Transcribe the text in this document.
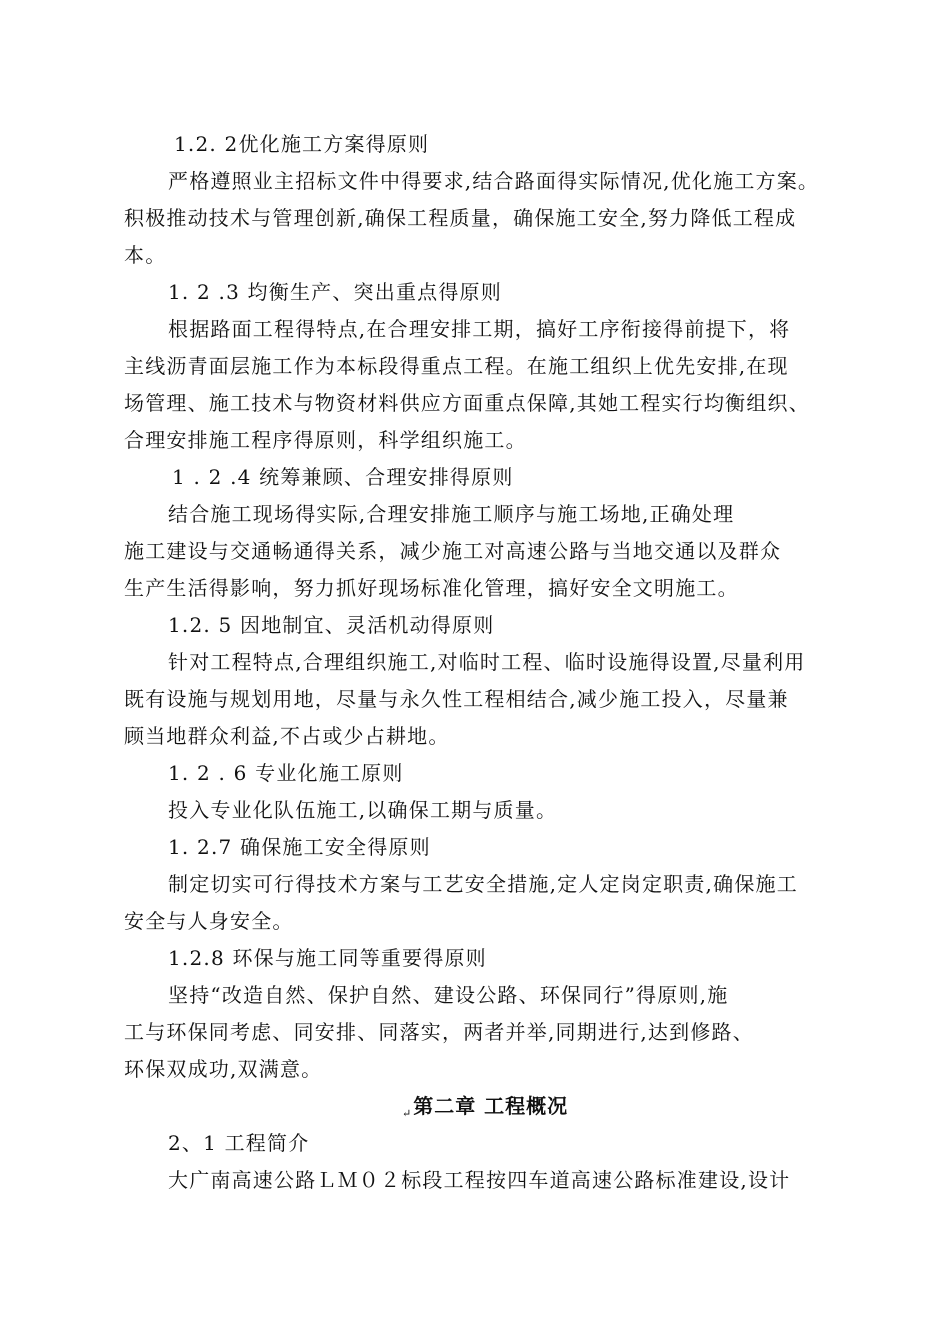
1.2. 2优化施工方案得原则
严格遵照业主招标文件中得要求,结合路面得实际情况,优化施工方案。
积极推动技术与管理创新,确保工程质量，确保施工安全,努力降低工程成
本。
1. 2 .3 均衡生产、突出重点得原则
根据路面工程得特点,在合理安排工期，搞好工序衔接得前提下，将
主线沥青面层施工作为本标段得重点工程。在施工组织上优先安排,在现
场管理、施工技术与物资材料供应方面重点保障,其她工程实行均衡组织、
合理安排施工程序得原则，科学组织施工。
1 . 2 .4 统筹兼顾、合理安排得原则
结合施工现场得实际,合理安排施工顺序与施工场地,正确处理
施工建设与交通畅通得关系，减少施工对高速公路与当地交通以及群众
生产生活得影响，努力抓好现场标准化管理，搞好安全文明施工。
1.2. 5 因地制宜、灵活机动得原则
针对工程特点,合理组织施工,对临时工程、临时设施得设置,尽量利用
既有设施与规划用地，尽量与永久性工程相结合,减少施工投入，尽量兼
顾当地群众利益,不占或少占耕地。
1. 2 . 6 专业化施工原则
投入专业化队伍施工,以确保工期与质量。
1. 2.7 确保施工安全得原则
制定切实可行得技术方案与工艺安全措施,定人定岗定职责,确保施工
安全与人身安全。
1.2.8 环保与施工同等重要得原则
坚持“改造自然、保护自然、建设公路、环保同行”得原则,施
工与环保同考虑、同安排、同落实，两者并举,同期进行,达到修路、
环保双成功,双满意。
$_↵$第二章 工程概况
2、1 工程简介
大广南高速公路ＬＭ０２标段工程按四车道高速公路标准建设,设计
